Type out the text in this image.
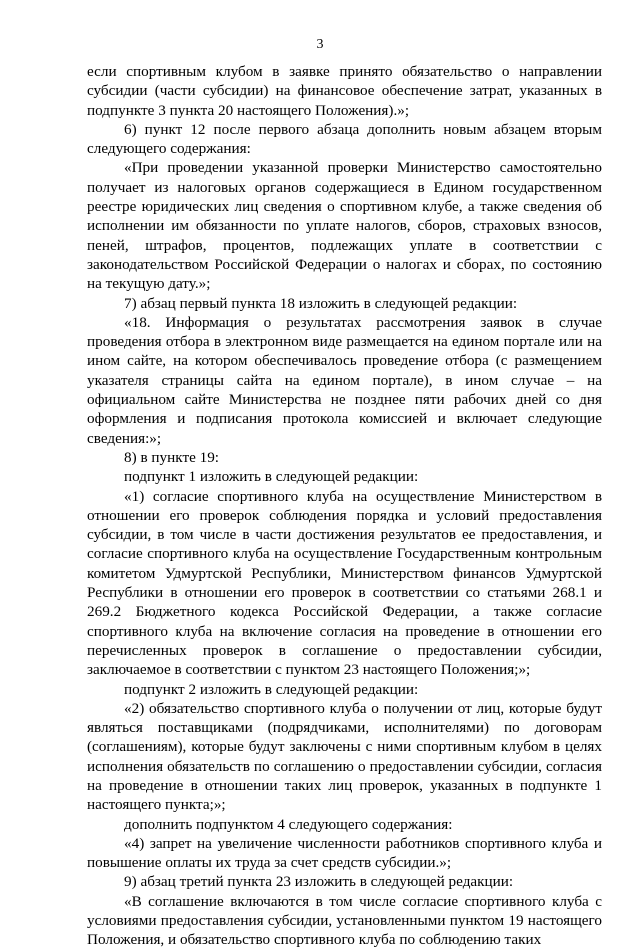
3

если спортивным клубом в заявке принято обязательство о направлении субсидии (части субсидии) на финансовое обеспечение затрат, указанных в подпункте 3 пункта 20 настоящего Положения).»;

6) пункт 12 после первого абзаца дополнить новым абзацем вторым следующего содержания:

«При проведении указанной проверки Министерство самостоятельно получает из налоговых органов содержащиеся в Едином государственном реестре юридических лиц сведения о спортивном клубе, а также сведения об исполнении им обязанности по уплате налогов, сборов, страховых взносов, пеней, штрафов, процентов, подлежащих уплате в соответствии с законодательством Российской Федерации о налогах и сборах, по состоянию на текущую дату.»;

7) абзац первый пункта 18 изложить в следующей редакции:

«18. Информация о результатах рассмотрения заявок в случае проведения отбора в электронном виде размещается на едином портале или на ином сайте, на котором обеспечивалось проведение отбора (с размещением указателя страницы сайта на едином портале), в ином случае – на официальном сайте Министерства не позднее пяти рабочих дней со дня оформления и подписания протокола комиссией и включает следующие сведения:»;

8) в пункте 19:

подпункт 1 изложить в следующей редакции:

«1) согласие спортивного клуба на осуществление Министерством в отношении его проверок соблюдения порядка и условий предоставления субсидии, в том числе в части достижения результатов ее предоставления, и согласие спортивного клуба на осуществление Государственным контрольным комитетом Удмуртской Республики, Министерством финансов Удмуртской Республики в отношении его проверок в соответствии со статьями 268.1 и 269.2 Бюджетного кодекса Российской Федерации, а также согласие спортивного клуба на включение согласия на проведение в отношении его перечисленных проверок в соглашение о предоставлении субсидии, заключаемое в соответствии с пунктом 23 настоящего Положения;»;

подпункт 2 изложить в следующей редакции:

«2) обязательство спортивного клуба о получении от лиц, которые будут являться поставщиками (подрядчиками, исполнителями) по договорам (соглашениям), которые будут заключены с ними спортивным клубом в целях исполнения обязательств по соглашению о предоставлении субсидии, согласия на проведение в отношении таких лиц проверок, указанных в подпункте 1 настоящего пункта;»;

дополнить подпунктом 4 следующего содержания:

«4) запрет на увеличение численности работников спортивного клуба и повышение оплаты их труда за счет средств субсидии.»;

9) абзац третий пункта 23 изложить в следующей редакции:

«В соглашение включаются в том числе согласие спортивного клуба с условиями предоставления субсидии, установленными пунктом 19 настоящего Положения, и обязательство спортивного клуба по соблюдению таких
